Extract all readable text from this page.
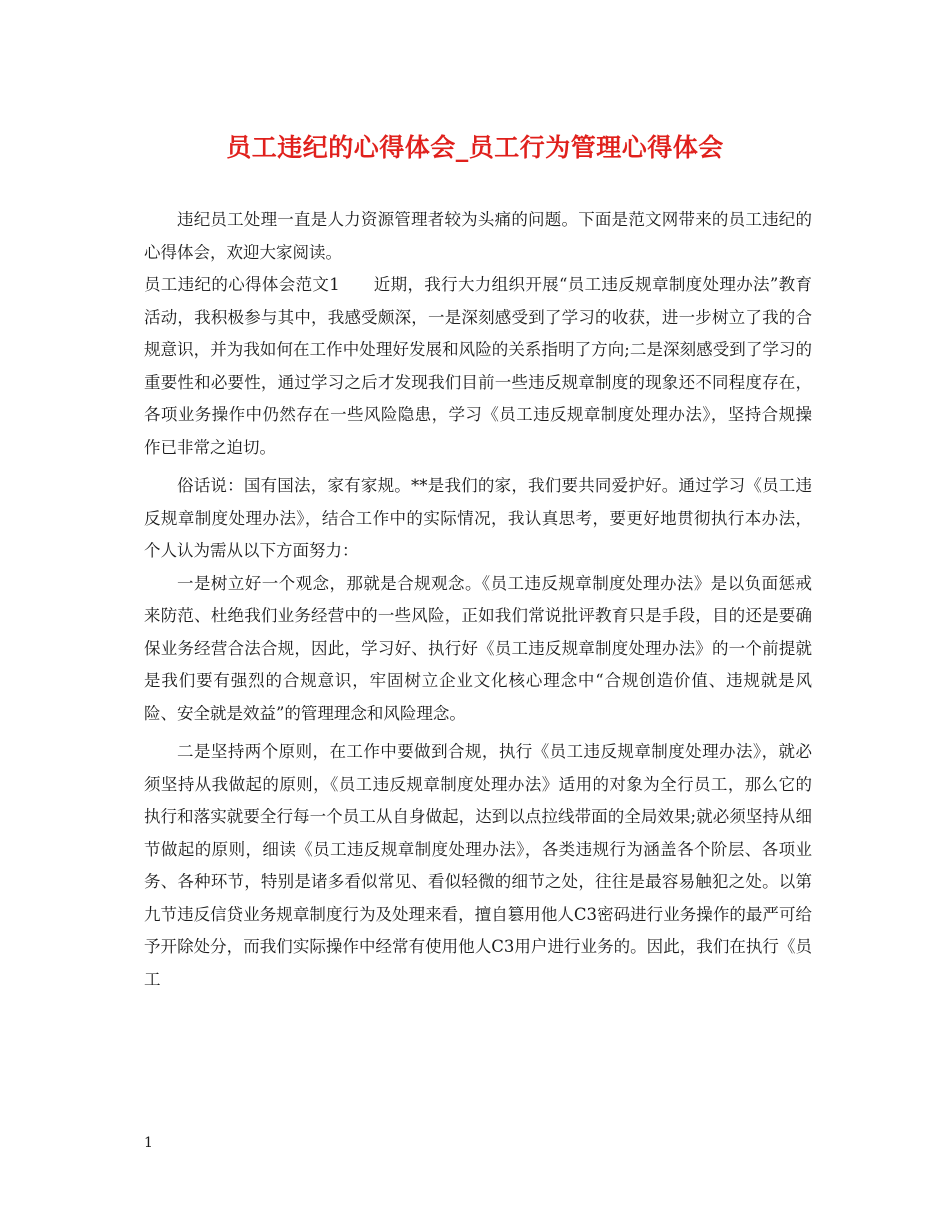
员工违纪的心得体会_员工行为管理心得体会

违纪员工处理一直是人力资源管理者较为头痛的问题。下面是范文网带来的员工违纪的心得体会，欢迎大家阅读。

员工违纪的心得体会范文1　　近期，我行大力组织开展“员工违反规章制度处理办法”教育活动，我积极参与其中，我感受颇深，一是深刻感受到了学习的收获，进一步树立了我的合规意识，并为我如何在工作中处理好发展和风险的关系指明了方向;二是深刻感受到了学习的重要性和必要性，通过学习之后才发现我们目前一些违反规章制度的现象还不同程度存在，各项业务操作中仍然存在一些风险隐患，学习《员工违反规章制度处理办法》，坚持合规操作已非常之迫切。

俗话说：国有国法，家有家规。**是我们的家，我们要共同爱护好。通过学习《员工违反规章制度处理办法》，结合工作中的实际情况，我认真思考，要更好地贯彻执行本办法，个人认为需从以下方面努力：

一是树立好一个观念，那就是合规观念。《员工违反规章制度处理办法》是以负面惩戒来防范、杜绝我们业务经营中的一些风险，正如我们常说批评教育只是手段，目的还是要确保业务经营合法合规，因此，学习好、执行好《员工违反规章制度处理办法》的一个前提就是我们要有强烈的合规意识，牢固树立企业文化核心理念中“合规创造价值、违规就是风险、安全就是效益”的管理理念和风险理念。

二是坚持两个原则，在工作中要做到合规，执行《员工违反规章制度处理办法》，就必须坚持从我做起的原则，《员工违反规章制度处理办法》适用的对象为全行员工，那么它的执行和落实就要全行每一个员工从自身做起，达到以点拉线带面的全局效果;就必须坚持从细节做起的原则，细读《员工违反规章制度处理办法》，各类违规行为涵盖各个阶层、各项业务、各种环节，特别是诸多看似常见、看似轻微的细节之处，往往是最容易触犯之处。以第九节违反信贷业务规章制度行为及处理来看，擅自篡用他人C3密码进行业务操作的最严可给予开除处分，而我们实际操作中经常有使用他人C3用户进行业务的。因此，我们在执行《员工

1
